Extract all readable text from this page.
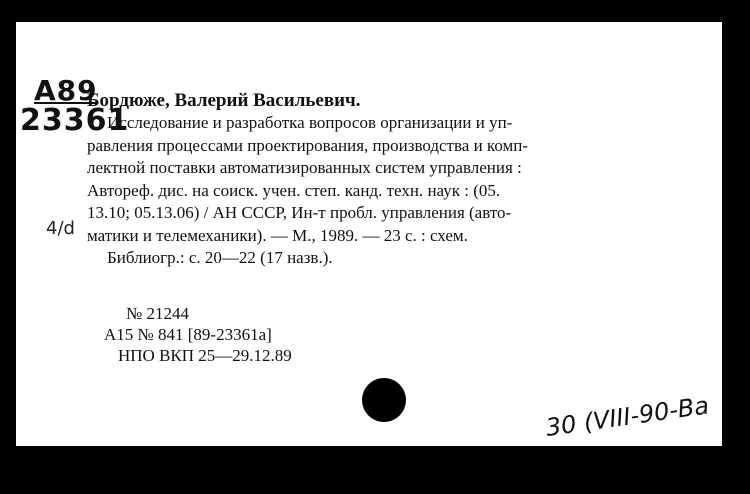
А89
23361
Бордюже, Валерий Васильевич.
Исследование и разработка вопросов организации и уп-
равления процессами проектирования, производства и комп-
лектной поставки автоматизированных систем управления :
Автореф. дис. на соиск. учен. степ. канд. техн. наук : (05.
13.10; 05.13.06) / АН СССР, Ин-т пробл. управления (авто-
матики и телемеханики). — М., 1989. — 23 с. : схем.
Библиогр.: с. 20—22 (17 назв.).
4/d
№ 21244
А15 № 841 [89-23361а]
НПО ВКП 25—29.12.89
30 (VIII-90-Ва
